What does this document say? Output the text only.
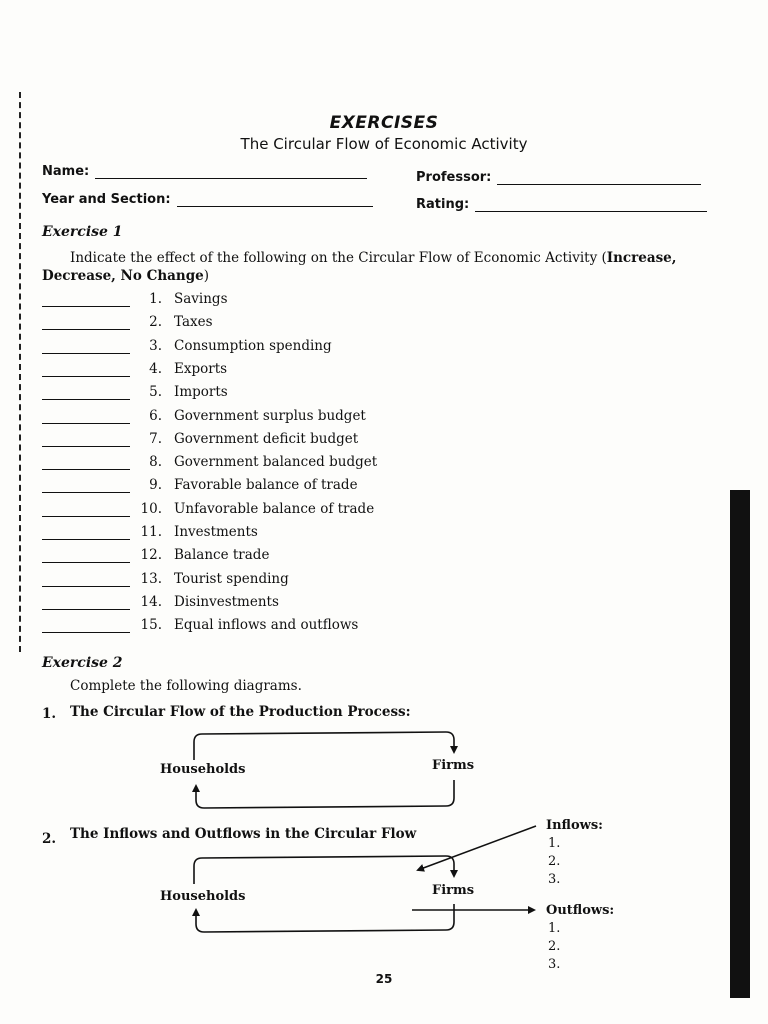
EXERCISES
The Circular Flow of Economic Activity
Name:	Professor:
Year and Section:	Rating:
Exercise 1
Indicate the effect of the following on the Circular Flow of Economic Activity (Increase, Decrease, No Change)
1. Savings
2. Taxes
3. Consumption spending
4. Exports
5. Imports
6. Government surplus budget
7. Government deficit budget
8. Government balanced budget
9. Favorable balance of trade
10. Unfavorable balance of trade
11. Investments
12. Balance trade
13. Tourist spending
14. Disinvestments
15. Equal inflows and outflows
Exercise 2
Complete the following diagrams.
1. The Circular Flow of the Production Process:
Households	Firms
2. The Inflows and Outflows in the Circular Flow
Households	Firms
Inflows:
1.
2.
3.
Outflows:
1.
2.
3.
25
